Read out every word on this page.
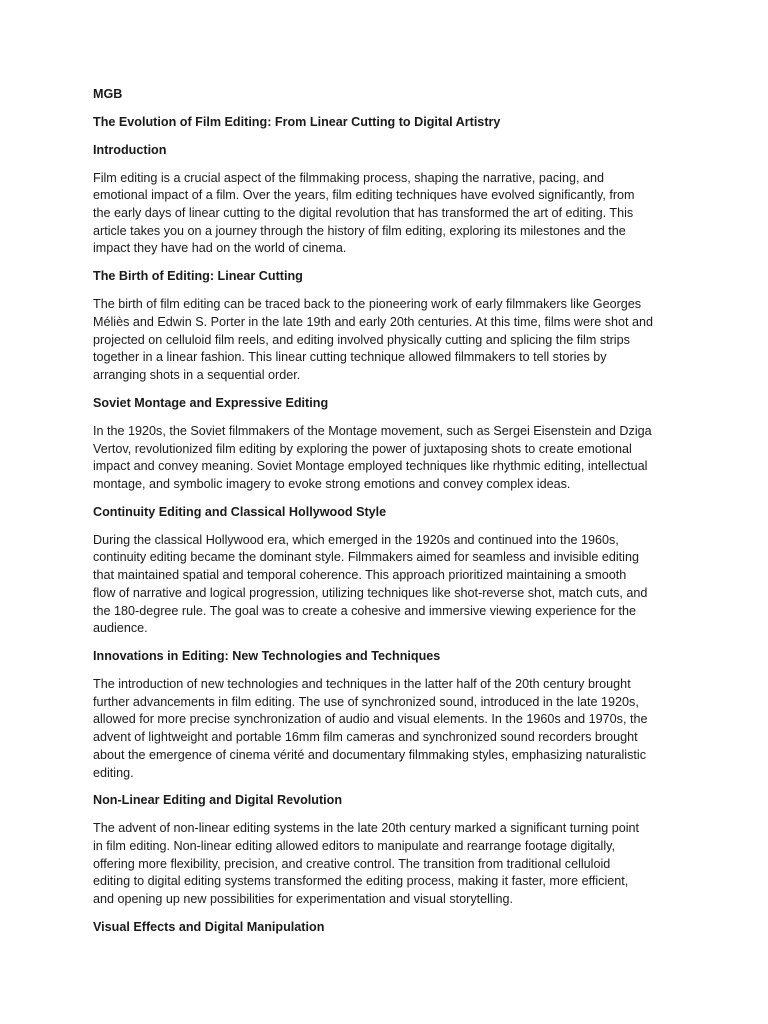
MGB

The Evolution of Film Editing: From Linear Cutting to Digital Artistry

Introduction

Film editing is a crucial aspect of the filmmaking process, shaping the narrative, pacing, and

emotional impact of a film. Over the years, film editing techniques have evolved significantly, from

the early days of linear cutting to the digital revolution that has transformed the art of editing. This

article takes you on a journey through the history of film editing, exploring its milestones and the

impact they have had on the world of cinema.

The Birth of Editing: Linear Cutting

The birth of film editing can be traced back to the pioneering work of early filmmakers like Georges

Méliès and Edwin S. Porter in the late 19th and early 20th centuries. At this time, films were shot and

projected on celluloid film reels, and editing involved physically cutting and splicing the film strips

together in a linear fashion. This linear cutting technique allowed filmmakers to tell stories by

arranging shots in a sequential order.

Soviet Montage and Expressive Editing

In the 1920s, the Soviet filmmakers of the Montage movement, such as Sergei Eisenstein and Dziga

Vertov, revolutionized film editing by exploring the power of juxtaposing shots to create emotional

impact and convey meaning. Soviet Montage employed techniques like rhythmic editing, intellectual

montage, and symbolic imagery to evoke strong emotions and convey complex ideas.

Continuity Editing and Classical Hollywood Style

During the classical Hollywood era, which emerged in the 1920s and continued into the 1960s,

continuity editing became the dominant style. Filmmakers aimed for seamless and invisible editing

that maintained spatial and temporal coherence. This approach prioritized maintaining a smooth

flow of narrative and logical progression, utilizing techniques like shot-reverse shot, match cuts, and

the 180-degree rule. The goal was to create a cohesive and immersive viewing experience for the

audience.

Innovations in Editing: New Technologies and Techniques

The introduction of new technologies and techniques in the latter half of the 20th century brought

further advancements in film editing. The use of synchronized sound, introduced in the late 1920s,

allowed for more precise synchronization of audio and visual elements. In the 1960s and 1970s, the

advent of lightweight and portable 16mm film cameras and synchronized sound recorders brought

about the emergence of cinema vérité and documentary filmmaking styles, emphasizing naturalistic

editing.

Non-Linear Editing and Digital Revolution

The advent of non-linear editing systems in the late 20th century marked a significant turning point

in film editing. Non-linear editing allowed editors to manipulate and rearrange footage digitally,

offering more flexibility, precision, and creative control. The transition from traditional celluloid

editing to digital editing systems transformed the editing process, making it faster, more efficient,

and opening up new possibilities for experimentation and visual storytelling.

Visual Effects and Digital Manipulation
